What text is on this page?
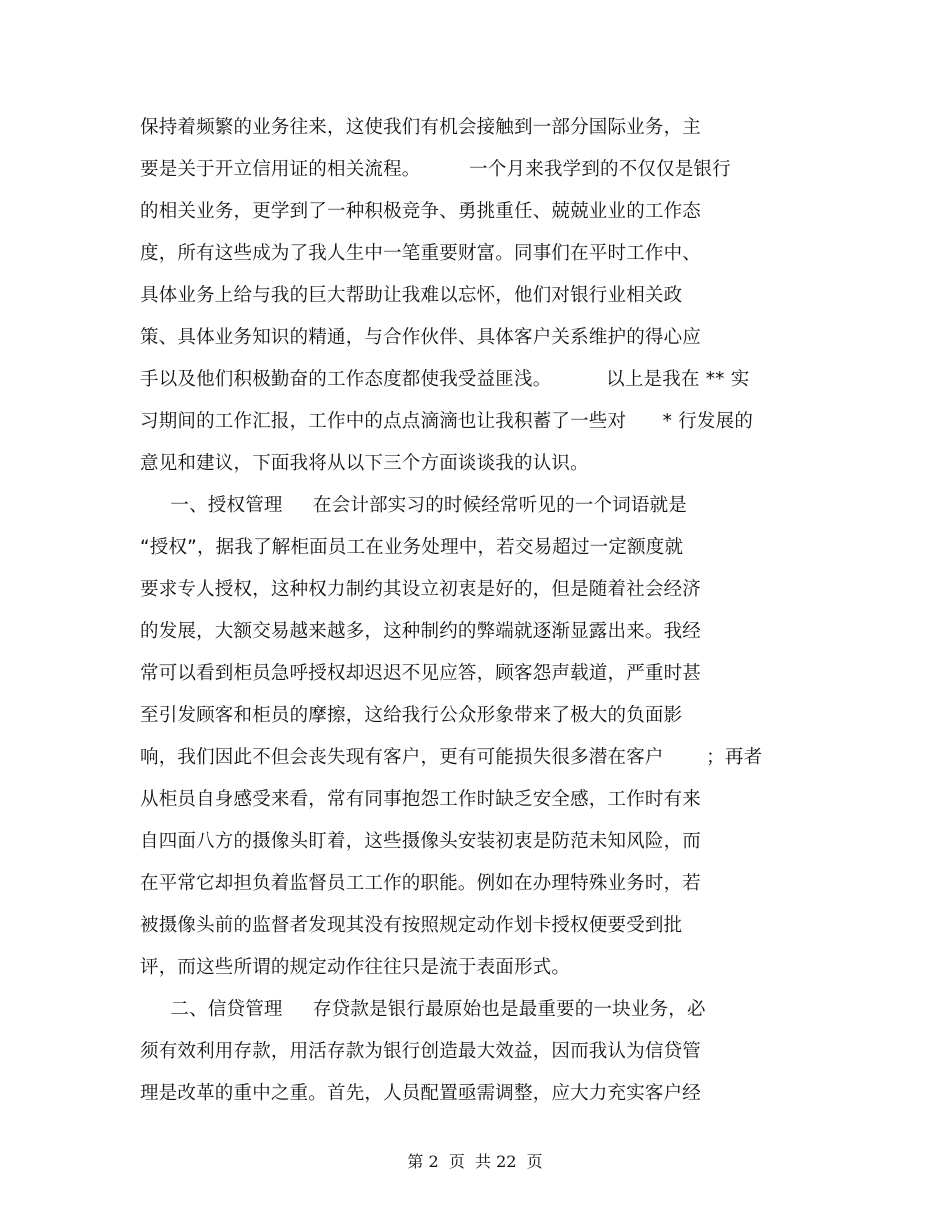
保持着频繁的业务往来，这使我们有机会接触到一部分国际业务，主
要是关于开立信用证的相关流程。        一个月来我学到的不仅仅是银行
的相关业务，更学到了一种积极竞争、勇挑重任、兢兢业业的工作态
度，所有这些成为了我人生中一笔重要财富。同事们在平时工作中、
具体业务上给与我的巨大帮助让我难以忘怀，他们对银行业相关政
策、具体业务知识的精通，与合作伙伴、具体客户关系维护的得心应
手以及他们积极勤奋的工作态度都使我受益匪浅。         以上是我在 ** 实
习期间的工作汇报，工作中的点点滴滴也让我积蓄了一些对      * 行发展的
意见和建议，下面我将从以下三个方面谈谈我的认识。
一、授权管理     在会计部实习的时候经常听见的一个词语就是
“授权”，据我了解柜面员工在业务处理中，若交易超过一定额度就
要求专人授权，这种权力制约其设立初衷是好的，但是随着社会经济
的发展，大额交易越来越多，这种制约的弊端就逐渐显露出来。我经
常可以看到柜员急呼授权却迟迟不见应答，顾客怨声载道，严重时甚
至引发顾客和柜员的摩擦，这给我行公众形象带来了极大的负面影
响，我们因此不但会丧失现有客户，更有可能损失很多潜在客户       ；再者
从柜员自身感受来看，常有同事抱怨工作时缺乏安全感，工作时有来
自四面八方的摄像头盯着，这些摄像头安装初衷是防范未知风险，而
在平常它却担负着监督员工工作的职能。例如在办理特殊业务时，若
被摄像头前的监督者发现其没有按照规定动作划卡授权便要受到批
评，而这些所谓的规定动作往往只是流于表面形式。
二、信贷管理     存贷款是银行最原始也是最重要的一块业务，必
须有效利用存款，用活存款为银行创造最大效益，因而我认为信贷管
理是改革的重中之重。首先，人员配置亟需调整，应大力充实客户经
第 2  页  共 22  页
